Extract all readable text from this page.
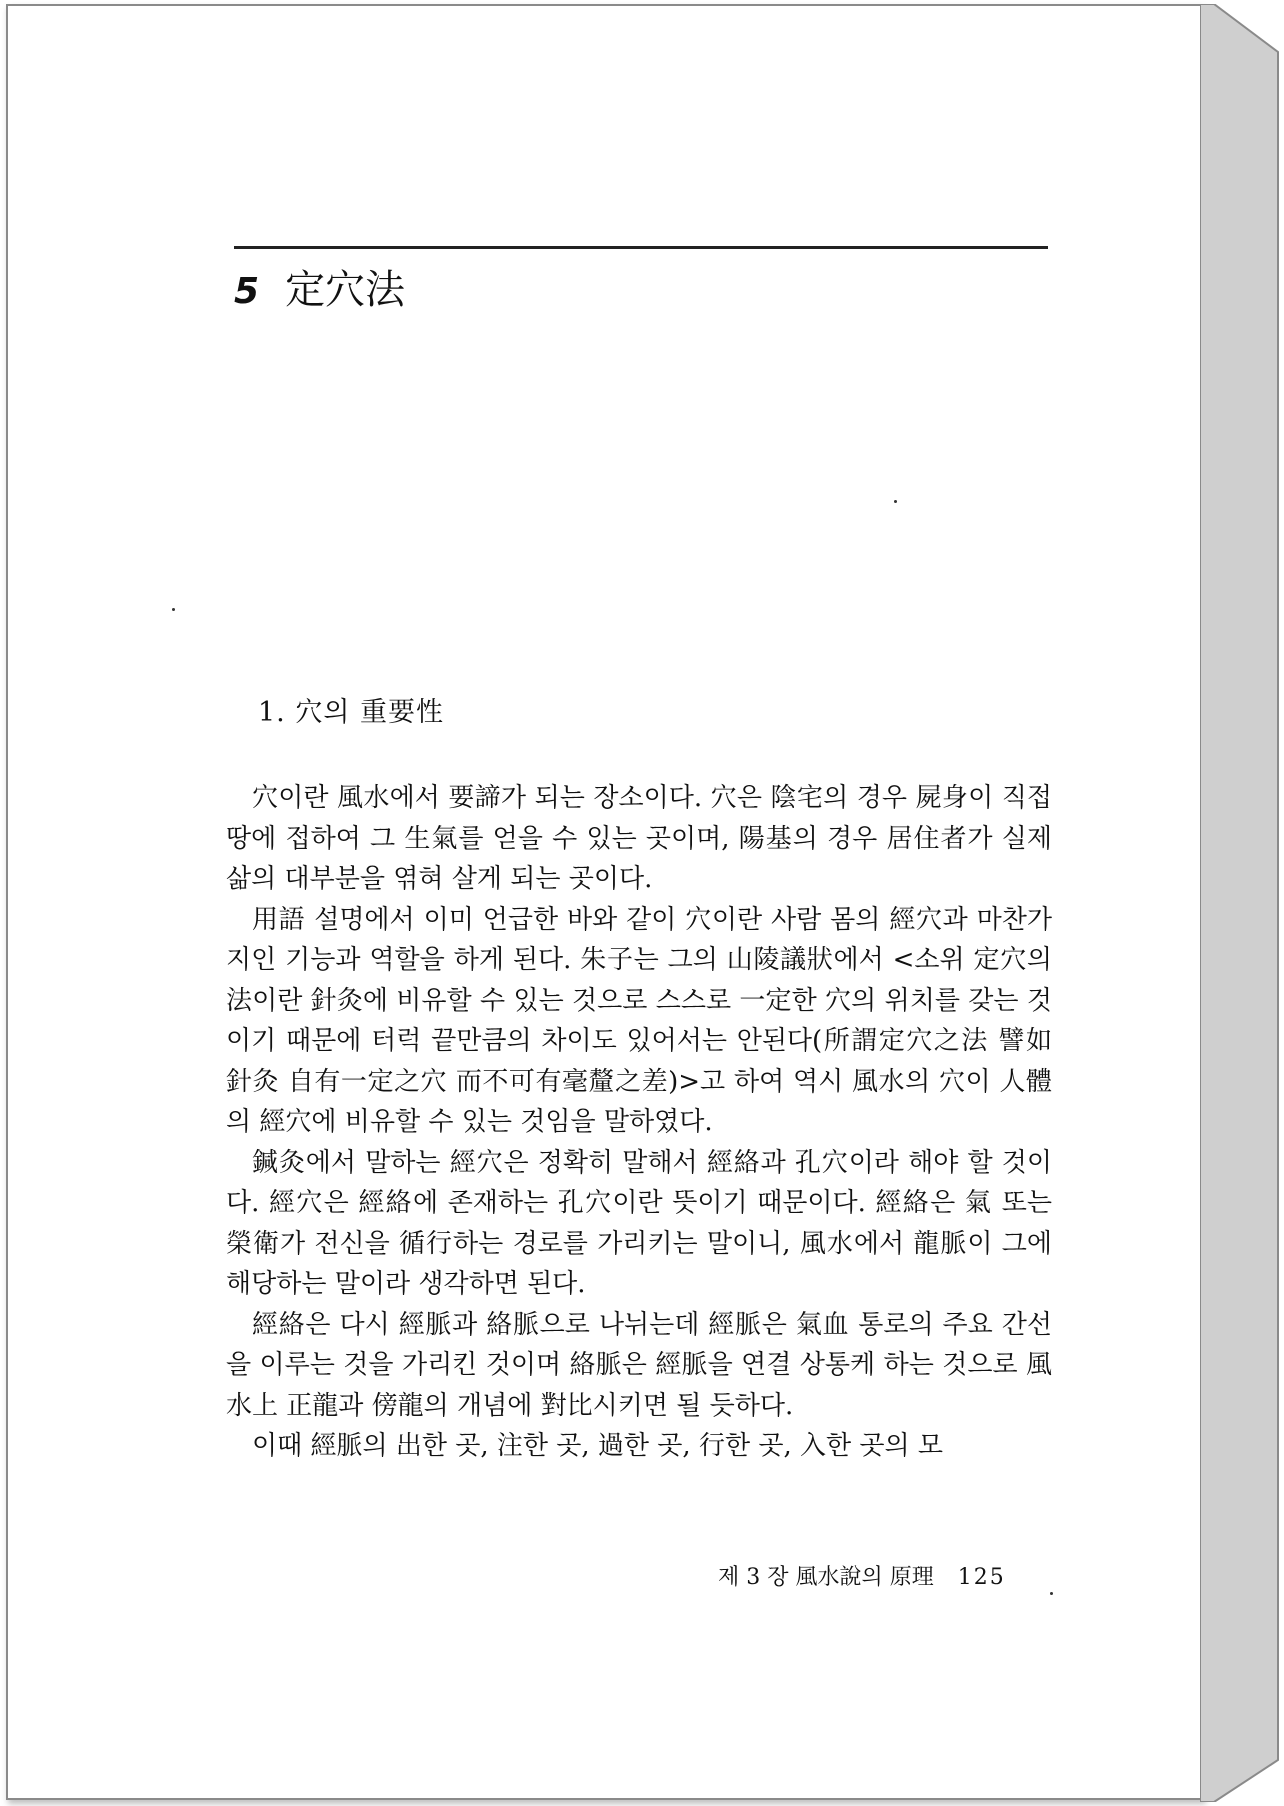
5 定穴法
1. 穴의 重要性

穴이란 風水에서 要諦가 되는 장소이다. 穴은 陰宅의 경우 屍身이 직접 땅에 접하여 그 生氣를 얻을 수 있는 곳이며, 陽基의 경우 居住者가 실제 삶의 대부분을 엮혀 살게 되는 곳이다.

用語 설명에서 이미 언급한 바와 같이 穴이란 사람 몸의 經穴과 마찬가지인 기능과 역할을 하게 된다. 朱子는 그의 山陵議狀에서 <소위 定穴의 法이란 針灸에 비유할 수 있는 것으로 스스로 一定한 穴의 위치를 갖는 것이기 때문에 터럭 끝만큼의 차이도 있어서는 안된다(所謂定穴之法 譬如針灸 自有一定之穴 而不可有毫釐之差)>고 하여 역시 風水의 穴이 人體의 經穴에 비유할 수 있는 것임을 말하였다.

鍼灸에서 말하는 經穴은 정확히 말해서 經絡과 孔穴이라 해야 할 것이다. 經穴은 經絡에 존재하는 孔穴이란 뜻이기 때문이다. 經絡은 氣 또는 榮衛가 전신을 循行하는 경로를 가리키는 말이니, 風水에서 龍脈이 그에 해당하는 말이라 생각하면 된다.

經絡은 다시 經脈과 絡脈으로 나뉘는데 經脈은 氣血 통로의 주요 간선을 이루는 것을 가리킨 것이며 絡脈은 經脈을 연결 상통케 하는 것으로 風水上 正龍과 傍龍의 개념에 對比시키면 될 듯하다.

이때 經脈의 出한 곳, 注한 곳, 過한 곳, 行한 곳, 入한 곳의 모

제 3 장 風水說의 原理 125
